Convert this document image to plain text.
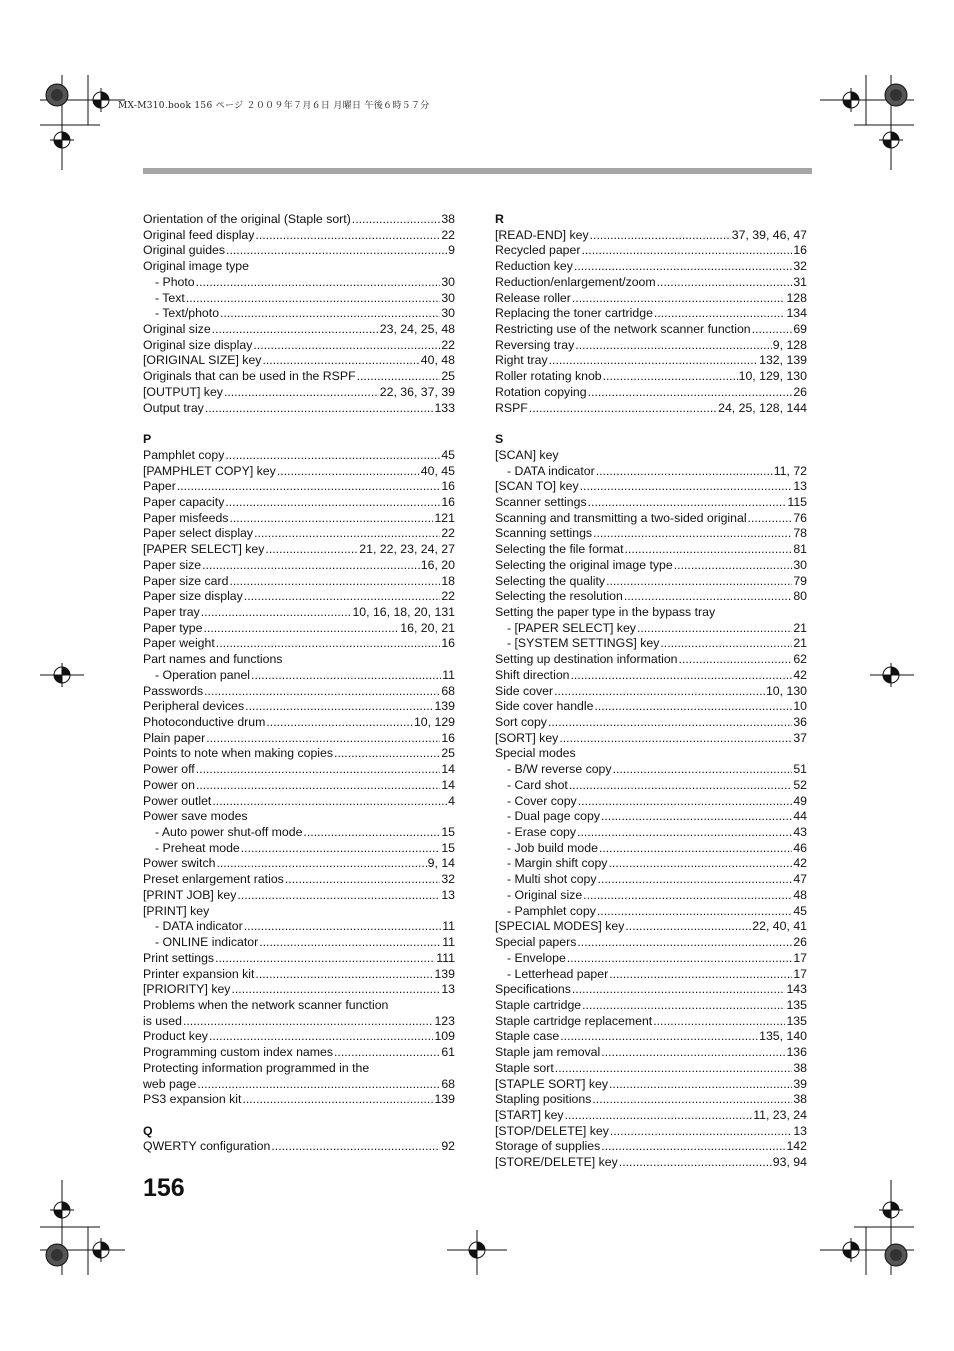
MX-M310.book 156 ページ ２００９年７月６日 月曜日 午後６時５７分
Orientation of the original (Staple sort) .....	38
Original feed display .....	22
Original guides .....	9
Original image type
- Photo .....	30
- Text .....	30
- Text/photo .....	30
Original size .....	23, 24, 25, 48
Original size display .....	22
[ORIGINAL SIZE] key .....	40, 48
Originals that can be used in the RSPF .....	25
[OUTPUT] key .....	22, 36, 37, 39
Output tray .....	133
P
Pamphlet copy .....	45
[PAMPHLET COPY] key .....	40, 45
Paper .....	16
Paper capacity .....	16
Paper misfeeds .....	121
Paper select display .....	22
[PAPER SELECT] key .....	21, 22, 23, 24, 27
Paper size .....	16, 20
Paper size card .....	18
Paper size display .....	22
Paper tray .....	10, 16, 18, 20, 131
Paper type .....	16, 20, 21
Paper weight .....	16
Part names and functions
- Operation panel .....	11
Passwords .....	68
Peripheral devices .....	139
Photoconductive drum .....	10, 129
Plain paper .....	16
Points to note when making copies .....	25
Power off .....	14
Power on .....	14
Power outlet .....	4
Power save modes
- Auto power shut-off mode .....	15
- Preheat mode .....	15
Power switch .....	9, 14
Preset enlargement ratios .....	32
[PRINT JOB] key .....	13
[PRINT] key
- DATA indicator .....	11
- ONLINE indicator .....	11
Print settings .....	111
Printer expansion kit .....	139
[PRIORITY] key .....	13
Problems when the network scanner function
is used .....	123
Product key .....	109
Programming custom index names .....	61
Protecting information programmed in the
web page .....	68
PS3 expansion kit .....	139
Q
QWERTY configuration .....	92
R
[READ-END] key .....	37, 39, 46, 47
Recycled paper .....	16
Reduction key .....	32
Reduction/enlargement/zoom .....	31
Release roller .....	128
Replacing the toner cartridge .....	134
Restricting use of the network scanner function .....	69
Reversing tray .....	9, 128
Right tray .....	132, 139
Roller rotating knob .....	10, 129, 130
Rotation copying .....	26
RSPF .....	24, 25, 128, 144
S
[SCAN] key
- DATA indicator .....	11, 72
[SCAN TO] key .....	13
Scanner settings .....	115
Scanning and transmitting a two-sided original .....	76
Scanning settings .....	78
Selecting the file format .....	81
Selecting the original image type .....	30
Selecting the quality .....	79
Selecting the resolution .....	80
Setting the paper type in the bypass tray
- [PAPER SELECT] key .....	21
- [SYSTEM SETTINGS] key .....	21
Setting up destination information .....	62
Shift direction .....	42
Side cover .....	10, 130
Side cover handle .....	10
Sort copy .....	36
[SORT] key .....	37
Special modes
- B/W reverse copy .....	51
- Card shot .....	52
- Cover copy .....	49
- Dual page copy .....	44
- Erase copy .....	43
- Job build mode .....	46
- Margin shift copy .....	42
- Multi shot copy .....	47
- Original size .....	48
- Pamphlet copy .....	45
[SPECIAL MODES] key .....	22, 40, 41
Special papers .....	26
- Envelope .....	17
- Letterhead paper .....	17
Specifications .....	143
Staple cartridge .....	135
Staple cartridge replacement .....	135
Staple case .....	135, 140
Staple jam removal .....	136
Staple sort .....	38
[STAPLE SORT] key .....	39
Stapling positions .....	38
[START] key .....	11, 23, 24
[STOP/DELETE] key .....	13
Storage of supplies .....	142
[STORE/DELETE] key .....	93, 94
156
